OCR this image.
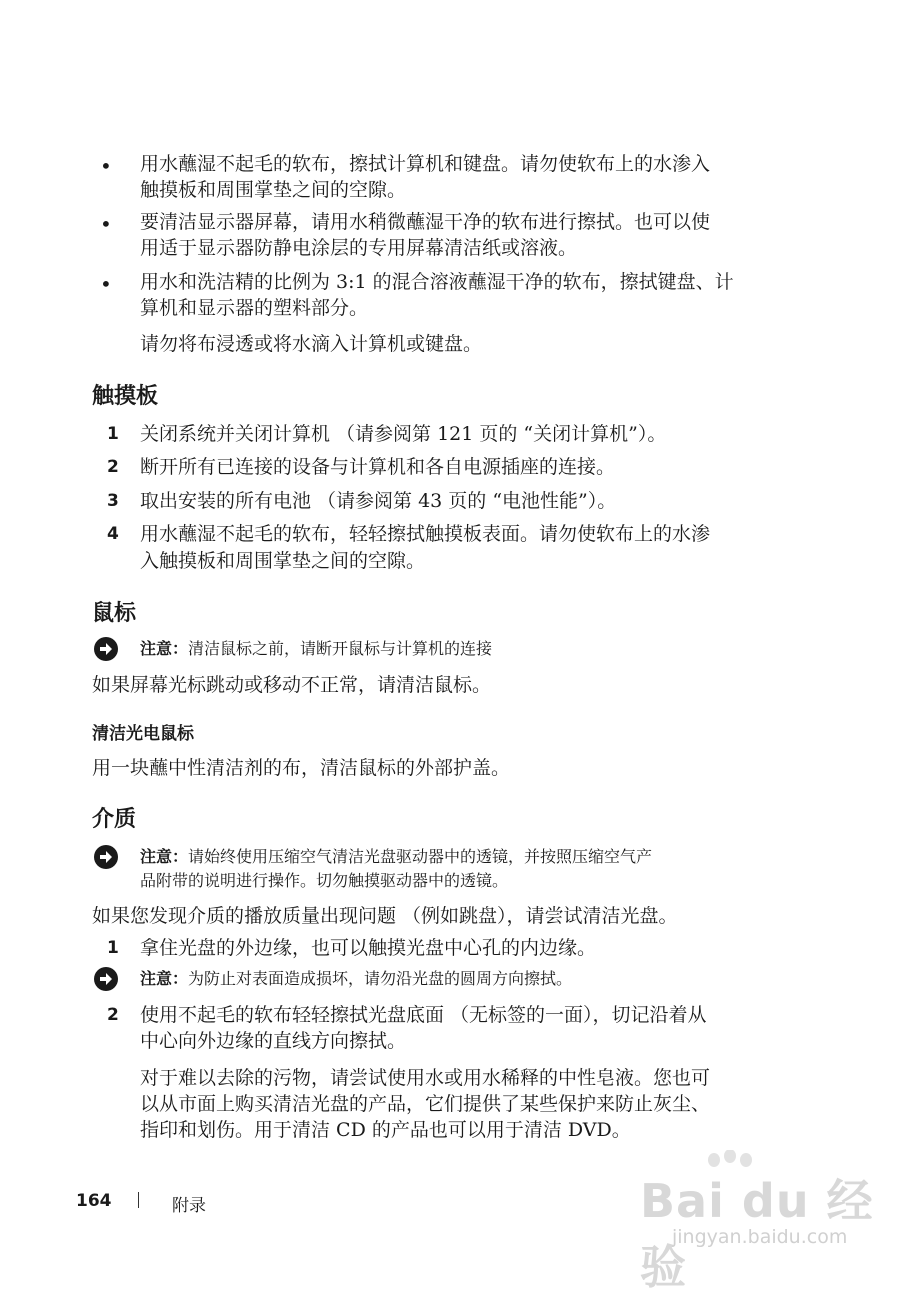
• 用水蘸湿不起毛的软布，擦拭计算机和键盘。请勿使软布上的水渗入
触摸板和周围掌垫之间的空隙。
• 要清洁显示器屏幕，请用水稍微蘸湿干净的软布进行擦拭。也可以使
用适于显示器防静电涂层的专用屏幕清洁纸或溶液。
• 用水和洗洁精的比例为 3:1 的混合溶液蘸湿干净的软布，擦拭键盘、计
算机和显示器的塑料部分。
请勿将布浸透或将水滴入计算机或键盘。
触摸板
1 关闭系统并关闭计算机 （请参阅第 121 页的 “关闭计算机”）。
2 断开所有已连接的设备与计算机和各自电源插座的连接。
3 取出安装的所有电池 （请参阅第 43 页的 “电池性能”）。
4 用水蘸湿不起毛的软布，轻轻擦拭触摸板表面。请勿使软布上的水渗
入触摸板和周围掌垫之间的空隙。
鼠标
注意：清洁鼠标之前，请断开鼠标与计算机的连接
如果屏幕光标跳动或移动不正常，请清洁鼠标。
清洁光电鼠标
用一块蘸中性清洁剂的布，清洁鼠标的外部护盖。
介质
注意：请始终使用压缩空气清洁光盘驱动器中的透镜，并按照压缩空气产
品附带的说明进行操作。切勿触摸驱动器中的透镜。
如果您发现介质的播放质量出现问题 （例如跳盘），请尝试清洁光盘。
1 拿住光盘的外边缘，也可以触摸光盘中心孔的内边缘。
注意：为防止对表面造成损坏，请勿沿光盘的圆周方向擦拭。
2 使用不起毛的软布轻轻擦拭光盘底面 （无标签的一面），切记沿着从
中心向外边缘的直线方向擦拭。
对于难以去除的污物，请尝试使用水或用水稀释的中性皂液。您也可
以从市面上购买清洁光盘的产品，它们提供了某些保护来防止灰尘、
指印和划伤。用于清洁 CD 的产品也可以用于清洁 DVD。
164	附录	Bai du 经验
jingyan.baidu.com
